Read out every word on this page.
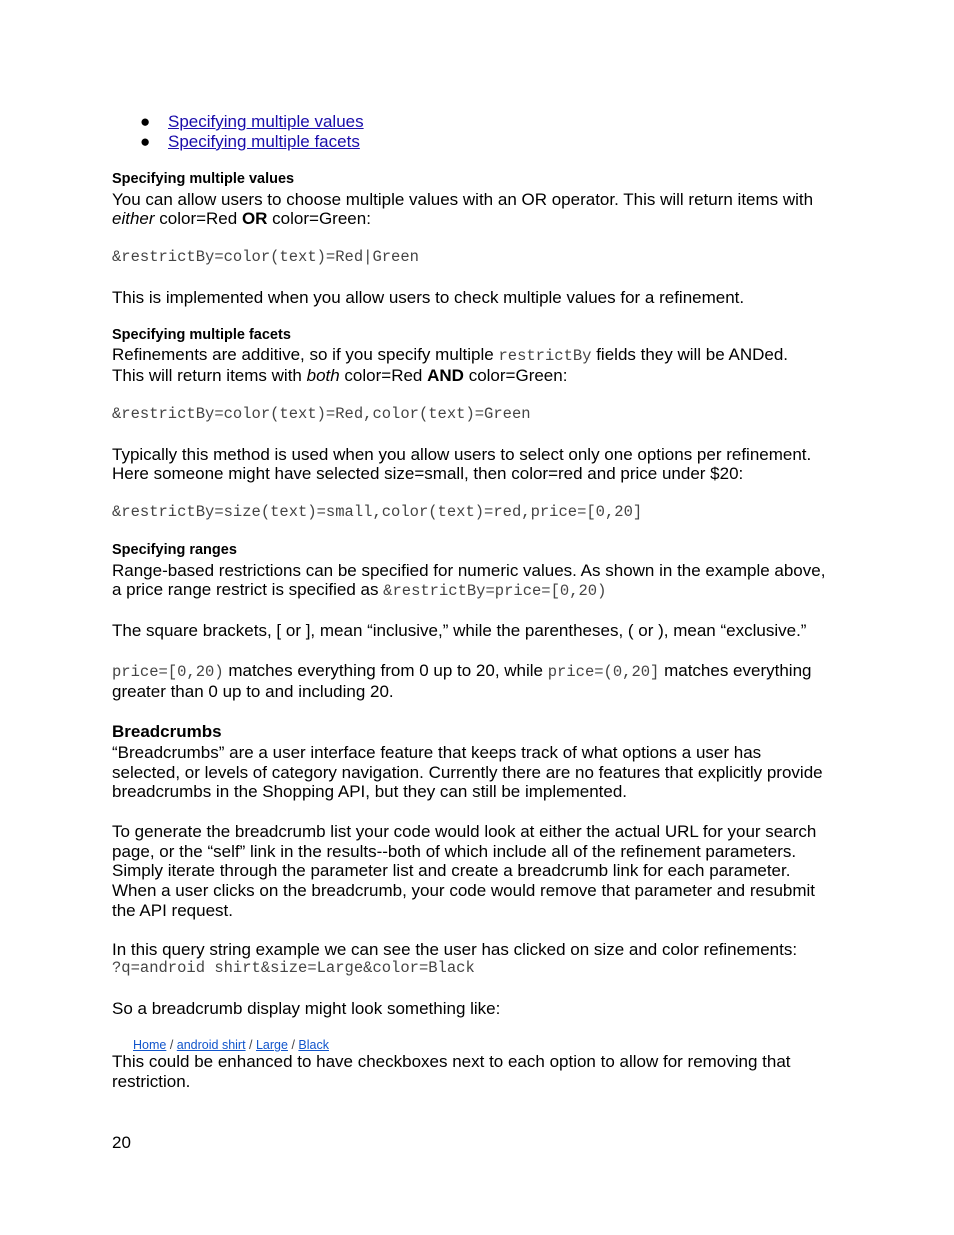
●	Specifying multiple values
●	Specifying multiple facets
Specifying multiple values
You can allow users to choose multiple values with an OR operator. This will return items with
either color=Red OR color=Green:
&restrictBy=color(text)=Red|Green
This is implemented when you allow users to check multiple values for a refinement.
Specifying multiple facets
Refinements are additive, so if you specify multiple restrictBy fields they will be ANDed.
This will return items with both color=Red AND color=Green:
&restrictBy=color(text)=Red,color(text)=Green
Typically this method is used when you allow users to select only one options per refinement.
Here someone might have selected size=small, then color=red and price under $20:
&restrictBy=size(text)=small,color(text)=red,price=[0,20]
Specifying ranges
Range-based restrictions can be specified for numeric values. As shown in the example above,
a price range restrict is specified as &restrictBy=price=[0,20)
The square brackets, [ or ], mean “inclusive,” while the parentheses, ( or ), mean “exclusive.”
price=[0,20) matches everything from 0 up to 20, while price=(0,20] matches everything
greater than 0 up to and including 20.
Breadcrumbs
“Breadcrumbs” are a user interface feature that keeps track of what options a user has
selected, or levels of category navigation. Currently there are no features that explicitly provide
breadcrumbs in the Shopping API, but they can still be implemented.
To generate the breadcrumb list your code would look at either the actual URL for your search
page, or the “self” link in the results--both of which include all of the refinement parameters.
Simply iterate through the parameter list and create a breadcrumb link for each parameter.
When a user clicks on the breadcrumb, your code would remove that parameter and resubmit
the API request.
In this query string example we can see the user has clicked on size and color refinements:
?q=android shirt&size=Large&color=Black
So a breadcrumb display might look something like:
Home / android shirt / Large / Black
This could be enhanced to have checkboxes next to each option to allow for removing that
restriction.
20
